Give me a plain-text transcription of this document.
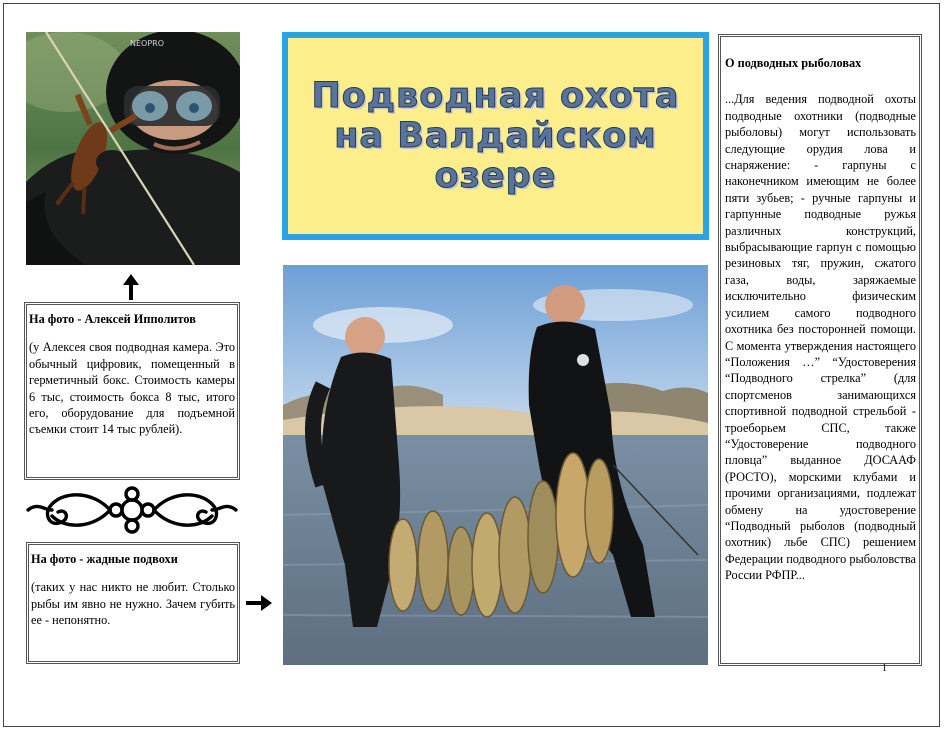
NEOPRO
На фото - Алексей Ипполитов

(у Алексея своя подводная камера. Это обычный цифровик, помещенный в герметичный бокс. Стоимость камеры 6 тыс, стоимость бокса 8 тыс, итого его, оборудование для подъемной съемки стоит 14 тыс рублей).

На фото - жадные подвохи

(таких у нас никто не любит. Столько рыбы им явно не нужно. Зачем губить ее - непонятно.

Подводная охота
на Валдайском
озере
О подводных рыболовах

...Для ведения подводной охоты подводные охотники (подводные рыболовы) могут использовать следующие орудия лова и снаряжение: - гарпуны с наконечником имеющим не более пяти зубьев; - ручные гарпуны и гарпунные подводные ружья различных конструкций, выбрасывающие гарпун с помощью резиновых тяг, пружин, сжатого газа, воды, заряжаемые исключительно физическим усилием самого подводного охотника без посторонней помощи. С момента утверждения настоящего “Положения …” “Удостоверения “Подводного стрелка” (для спортсменов занимающихся спортивной подводной стрельбой - троеборьем СПС, также “Удостоверение подводного пловца” выданное ДОСААФ (РОСТО), морскими клубами и прочими организациями, подлежат обмену на удостоверение “Подводный рыболов (подводный охотник) льбе СПС) решением Федерации подводного рыболовства России РФПР...

1
